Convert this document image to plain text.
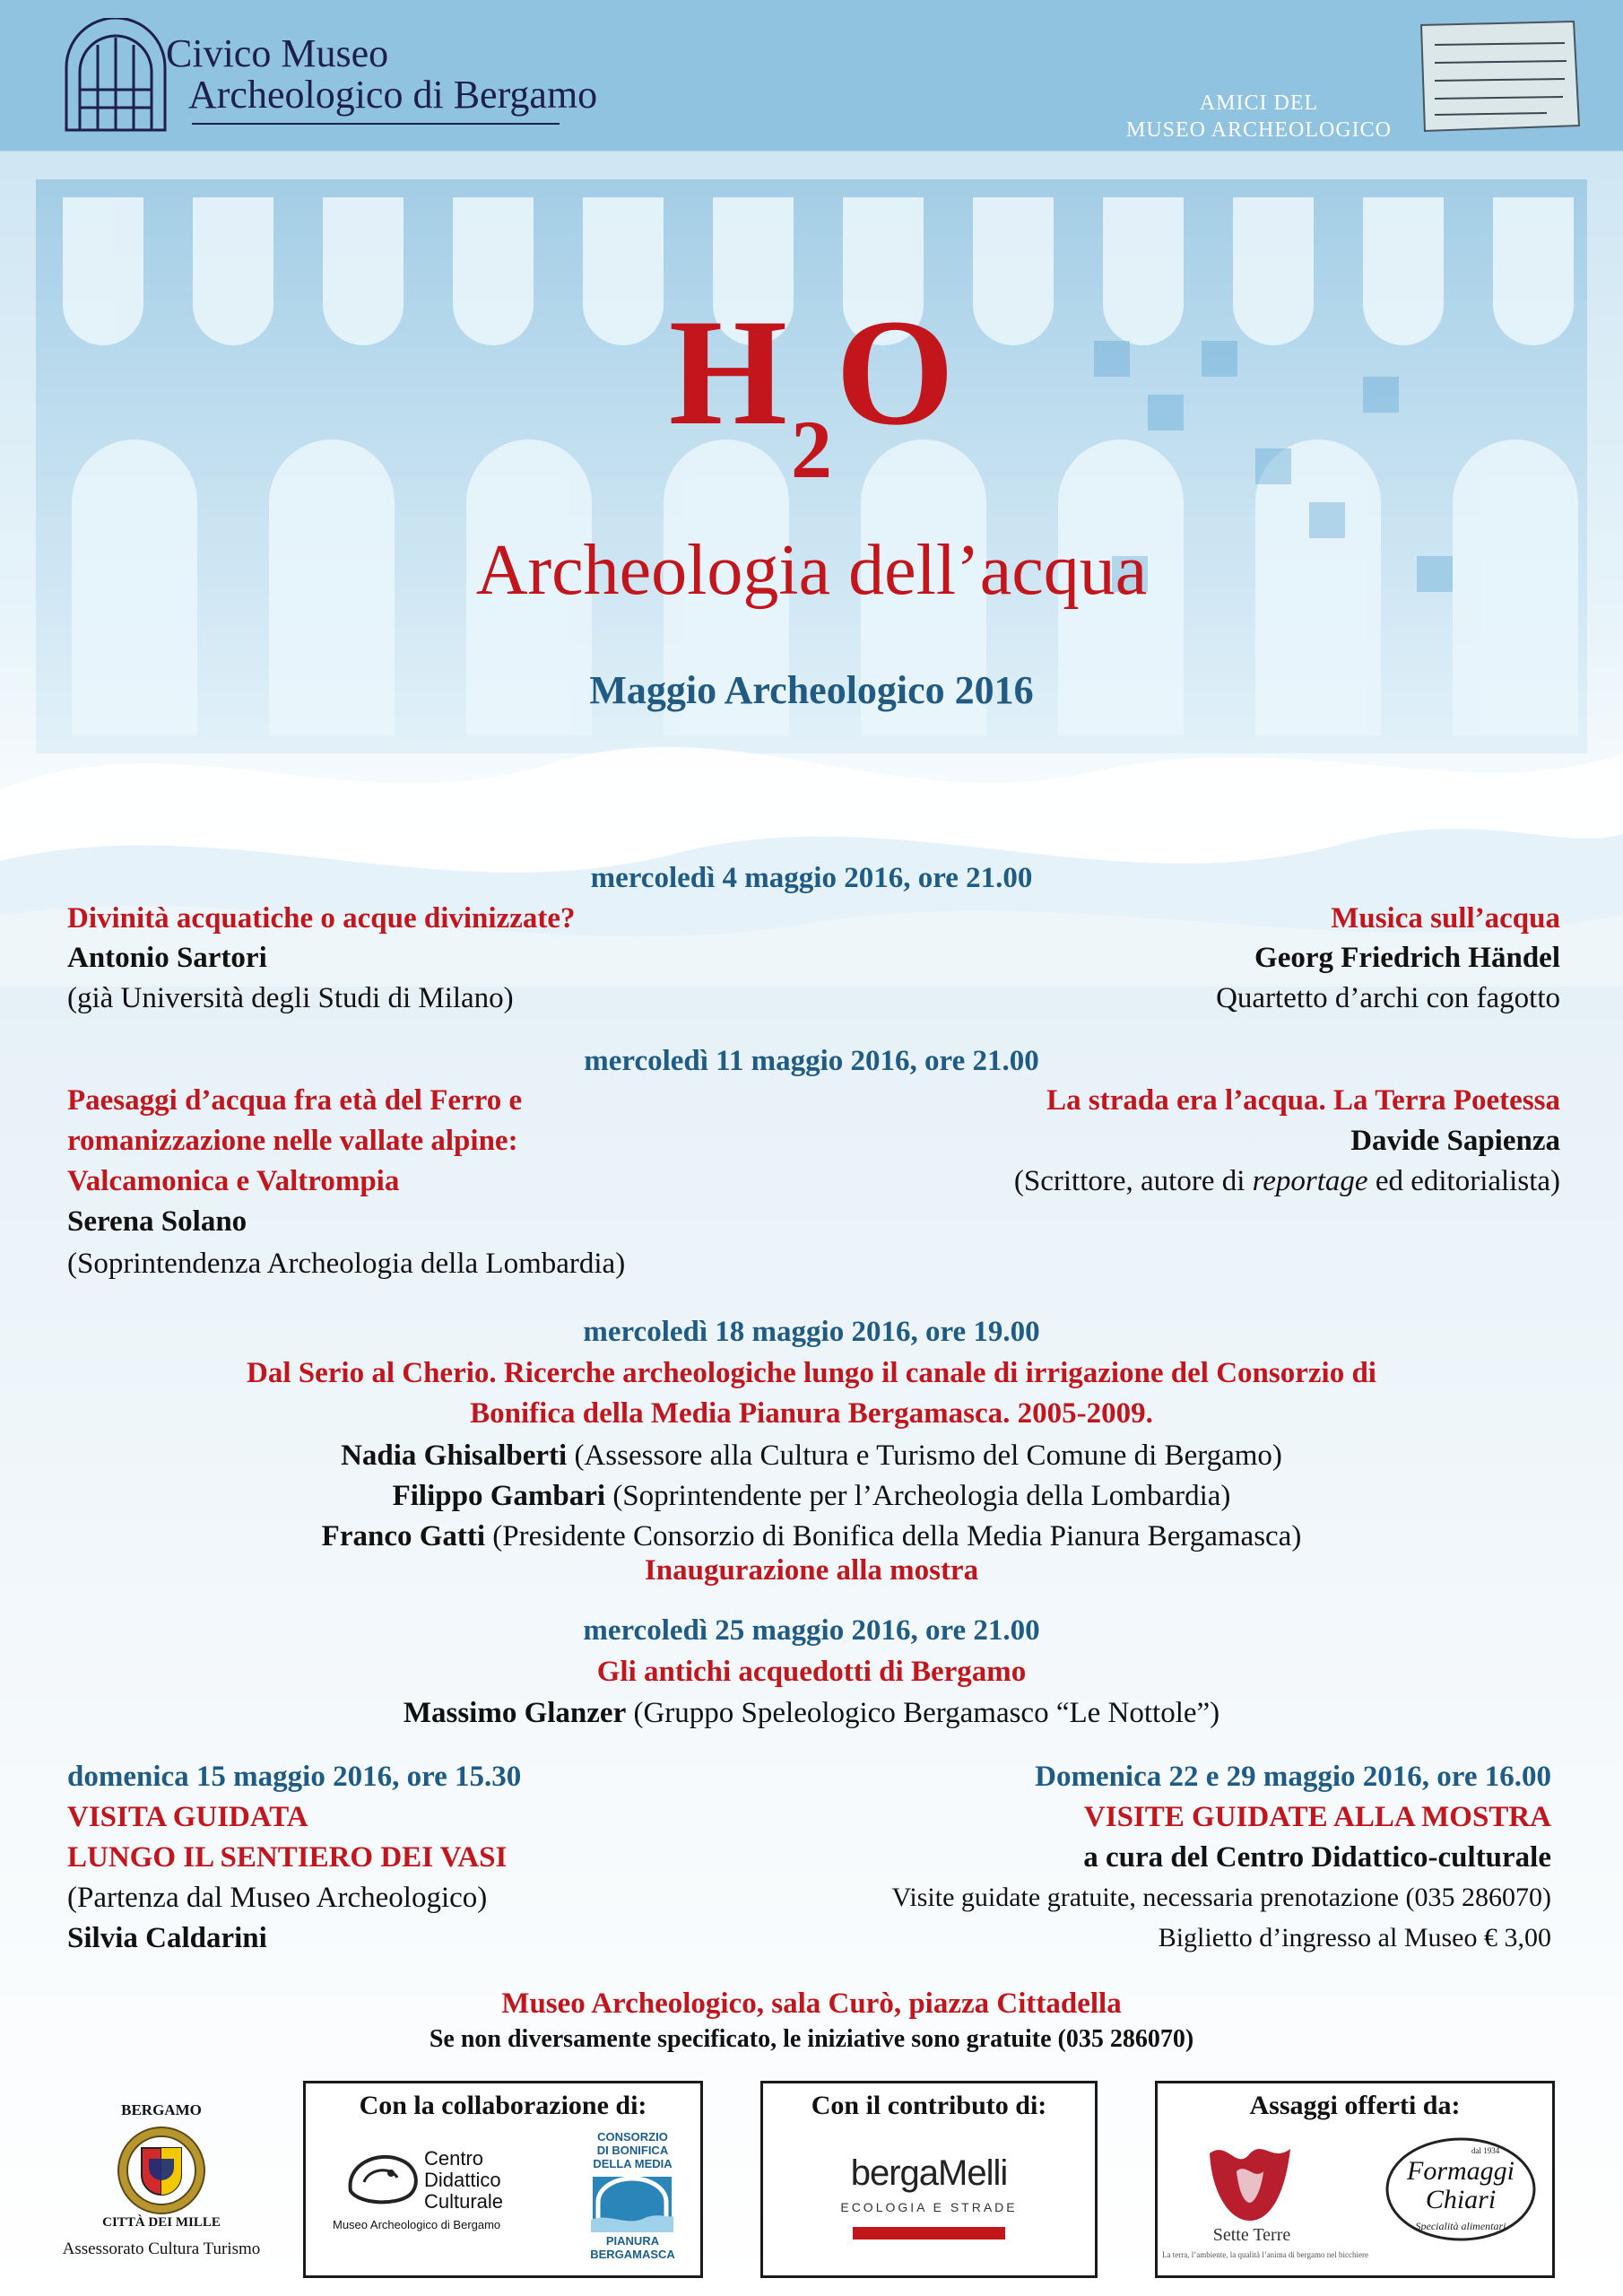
Civico Museo
Archeologico di Bergamo	AMICI DEL
MUSEO ARCHEOLOGICO
$H_2O$
Archeologia dell’acqua
Maggio Archeologico 2016
mercoledì 4 maggio 2016, ore 21.00
Divinità acquatiche o acque divinizzate?
Antonio Sartori
(già Università degli Studi di Milano)
Musica sull’acqua
Georg Friedrich Händel
Quartetto d’archi con fagotto
mercoledì 11 maggio 2016, ore 21.00
Paesaggi d’acqua fra età del Ferro e
romanizzazione nelle vallate alpine:
Valcamonica e Valtrompia
Serena Solano
(Soprintendenza Archeologia della Lombardia)
La strada era l’acqua. La Terra Poetessa
Davide Sapienza
(Scrittore, autore di reportage ed editorialista)
mercoledì 18 maggio 2016, ore 19.00
Dal Serio al Cherio. Ricerche archeologiche lungo il canale di irrigazione del Consorzio di
Bonifica della Media Pianura Bergamasca. 2005-2009.
Nadia Ghisalberti (Assessore alla Cultura e Turismo del Comune di Bergamo)
Filippo Gambari (Soprintendente per l’Archeologia della Lombardia)
Franco Gatti (Presidente Consorzio di Bonifica della Media Pianura Bergamasca)
Inaugurazione alla mostra
mercoledì 25 maggio 2016, ore 21.00
Gli antichi acquedotti di Bergamo
Massimo Glanzer (Gruppo Speleologico Bergamasco “Le Nottole”)
domenica 15 maggio 2016, ore 15.30
VISITA GUIDATA
LUNGO IL SENTIERO DEI VASI
(Partenza dal Museo Archeologico)
Silvia Caldarini
Domenica 22 e 29 maggio 2016, ore 16.00
VISITE GUIDATE ALLA MOSTRA
a cura del Centro Didattico-culturale
Visite guidate gratuite, necessaria prenotazione (035 286070)
Biglietto d’ingresso al Museo € 3,00
Museo Archeologico, sala Curò, piazza Cittadella
Se non diversamente specificato, le iniziative sono gratuite (035 286070)
BERGAMO
CITTÀ DEI MILLE
Assessorato Cultura Turismo
Con la collaborazione di:
Centro
Didattico
Culturale
Museo Archeologico di Bergamo
CONSORZIO
DI BONIFICA
DELLA MEDIA
PIANURA
BERGAMASCA
Con il contributo di:
bergaMelli
ECOLOGIA E STRADE
Assaggi offerti da:
Sette Terre
La terra, l’ambiente, la qualità l’anima di bergamo nel bicchiere
dal 1934
Formaggi
Chiari
Specialità alimentari
